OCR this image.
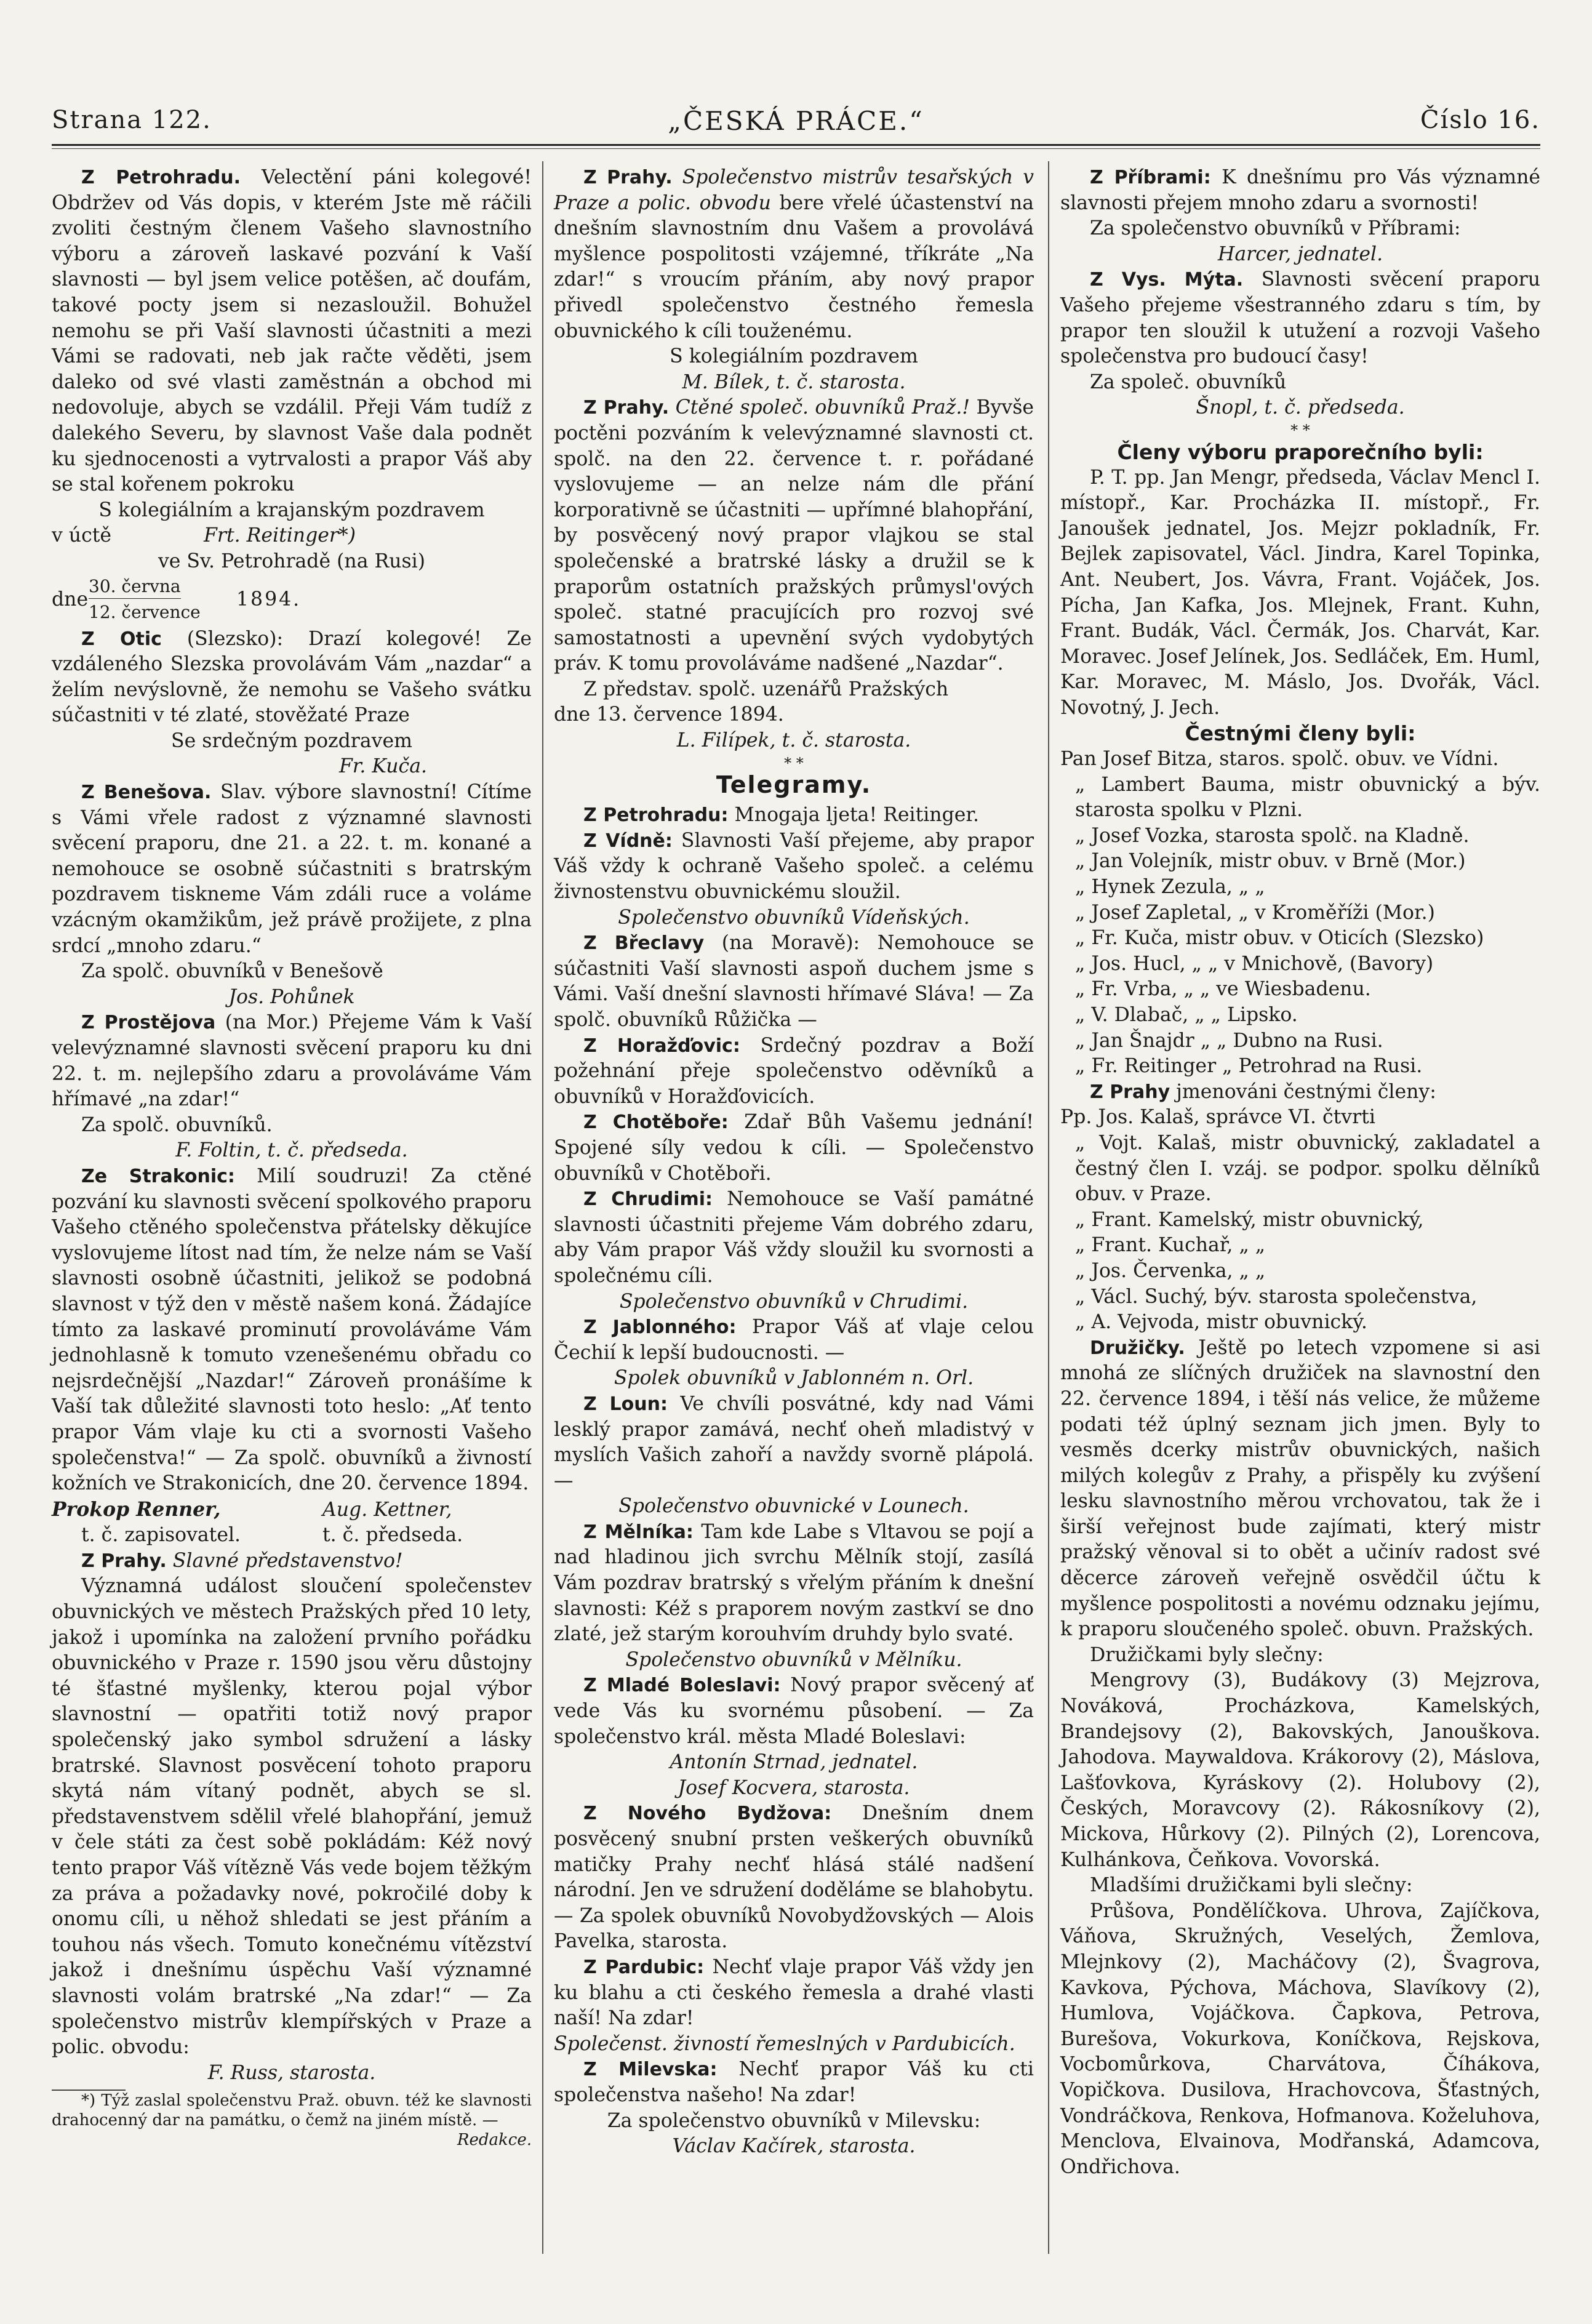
Strana 122.	„ČESKÁ PRÁCE.“	Číslo 16.

Z Petrohradu. Velectění páni kolegové! Obdržev od Vás dopis, v kterém Jste mě ráčili zvoliti čestným členem Vašeho slavnostního výboru a zároveň laskavé pozvání k Vaší slavnosti — byl jsem velice potěšen, ač doufám, takové pocty jsem si nezasloužil. Bohužel nemohu se při Vaší slavnosti účastniti a mezi Vámi se radovati, neb jak račte věděti, jsem daleko od své vlasti zaměstnán a obchod mi nedovoluje, abych se vzdálil. Přeji Vám tudíž z dalekého Severu, by slavnost Vaše dala podnět ku sjednocenosti a vytrvalosti a prapor Váš aby se stal kořenem pokroku

S kolegiálním a krajanským pozdravem

v úctě	Frt. Reitinger*)

ve Sv. Petrohradě (na Rusi)

dne
30. června
12. července
1894.

Z Otic (Slezsko): Drazí kolegové! Ze vzdáleného Slezska provolávám Vám „nazdar“ a želím nevýslovně, že nemohu se Vašeho svátku súčastniti v té zlaté, stověžaté Praze

Se srdečným pozdravem

Fr. Kuča.

Z Benešova. Slav. výbore slavnostní! Cítíme s Vámi vřele radost z významné slavnosti svěcení praporu, dne 21. a 22. t. m. konané a nemohouce se osobně súčastniti s bratrským pozdravem tiskneme Vám zdáli ruce a voláme vzácným okamžikům, jež právě prožijete, z plna srdcí „mnoho zdaru.“

Za spolč. obuvníků v Benešově

Jos. Pohůnek

Z Prostějova (na Mor.) Přejeme Vám k Vaší velevýznamné slavnosti svěcení praporu ku dni 22. t. m. nejlepšího zdaru a provoláváme Vám hřímavé „na zdar!“

Za spolč. obuvníků.

F. Foltin, t. č. předseda.

Ze Strakonic: Milí soudruzi! Za ctěné pozvání ku slavnosti svěcení spolkového praporu Vašeho ctěného společenstva přátelsky děkujíce vyslovujeme lítost nad tím, že nelze nám se Vaší slavnosti osobně účastniti, jelikož se podobná slavnost v týž den v městě našem koná. Žádajíce tímto za laskavé prominutí provoláváme Vám jednohlasně k tomuto vzenešenému obřadu co nejsrdečnější „Nazdar!“ Zároveň pronášíme k Vaší tak důležité slavnosti toto heslo: „Ať tento prapor Vám vlaje ku cti a svornosti Vašeho společenstva!“ — Za spolč. obuvníků a živností kožních ve Strakonicích, dne 20. července 1894.

Prokop Renner,	Aug. Kettner,

t. č. zapisovatel.	t. č. předseda.

Z Prahy. Slavné představenstvo!

Významná událost sloučení společenstev obuvnických ve městech Pražských před 10 lety, jakož i upomínka na založení prvního pořádku obuvnického v Praze r. 1590 jsou věru důstojny té šťastné myšlenky, kterou pojal výbor slavnostní — opatřiti totiž nový prapor společenský jako symbol sdružení a lásky bratrské. Slavnost posvěcení tohoto praporu skytá nám vítaný podnět, abych se sl. představenstvem sdělil vřelé blahopřání, jemuž v čele státi za čest sobě pokládám: Kéž nový tento prapor Váš vítězně Vás vede bojem těžkým za práva a požadavky nové, pokročilé doby k onomu cíli, u něhož shledati se jest přáním a touhou nás všech. Tomuto konečnému vítězství jakož i dnešnímu úspěchu Vaší významné slavnosti volám bratrské „Na zdar!“ — Za společenstvo mistrův klempířských v Praze a polic. obvodu:

F. Russ, starosta.

*) Týž zaslal společenstvu Praž. obuvn. též ke slavnosti drahocenný dar na památku, o čemž na jiném místě. —
Redakce.

Z Prahy. Společenstvo mistrův tesařských v Praze a polic. obvodu bere vřelé účastenství na dnešním slavnostním dnu Vašem a provolává myšlence pospolitosti vzájemné, tříkráte „Na zdar!“ s vroucím přáním, aby nový prapor přivedl společenstvo čestného řemesla obuvnického k cíli touženému.

S kolegiálním pozdravem

M. Bílek, t. č. starosta.

Z Prahy. Ctěné společ. obuvníků Praž.! Byvše poctěni pozváním k velevýznamné slavnosti ct. spolč. na den 22. července t. r. pořádané vyslovujeme — an nelze nám dle přání korporativně se účastniti — upřímné blahopřání, by posvěcený nový prapor vlajkou se stal společenské a bratrské lásky a družil se k praporům ostatních pražských průmysl'ových společ. statné pracujících pro rozvoj své samostatnosti a upevnění svých vydobytých práv. K tomu provoláváme nadšené „Nazdar“.

Z představ. spolč. uzenářů Pražských

dne 13. července 1894.

L. Filípek, t. č. starosta.

* *

Telegramy.

Z Petrohradu: Mnogaja ljeta! Reitinger.

Z Vídně: Slavnosti Vaší přejeme, aby prapor Váš vždy k ochraně Vašeho společ. a celému živnostenstvu obuvnickému sloužil.

Společenstvo obuvníků Vídeňských.

Z Břeclavy (na Moravě): Nemohouce se súčastniti Vaší slavnosti aspoň duchem jsme s Vámi. Vaší dnešní slavnosti hřímavé Sláva! — Za spolč. obuvníků Růžička —

Z Horažďovic: Srdečný pozdrav a Boží požehnání přeje společenstvo oděvníků a obuvníků v Horažďovicích.

Z Chotěboře: Zdař Bůh Vašemu jednání! Spojené síly vedou k cíli. — Společenstvo obuvníků v Chotěboři.

Z Chrudimi: Nemohouce se Vaší památné slavnosti účastniti přejeme Vám dobrého zdaru, aby Vám prapor Váš vždy sloužil ku svornosti a společnému cíli.

Společenstvo obuvníků v Chrudimi.

Z Jablonného: Prapor Váš ať vlaje celou Čechií k lepší budoucnosti. —

Spolek obuvníků v Jablonném n. Orl.

Z Loun: Ve chvíli posvátné, kdy nad Vámi lesklý prapor zamává, nechť oheň mladistvý v myslích Vašich zahoří a navždy svorně plápolá. —

Společenstvo obuvnické v Lounech.

Z Mělníka: Tam kde Labe s Vltavou se pojí a nad hladinou jich svrchu Mělník stojí, zasílá Vám pozdrav bratrský s vřelým přáním k dnešní slavnosti: Kéž s praporem novým zastkví se dno zlaté, jež starým korouhvím druhdy bylo svaté.

Společenstvo obuvníků v Mělníku.

Z Mladé Boleslavi: Nový prapor svěcený ať vede Vás ku svornému působení. — Za společenstvo král. města Mladé Boleslavi:

Antonín Strnad, jednatel.

Josef Kocvera, starosta.

Z Nového Bydžova: Dnešním dnem posvěcený snubní prsten veškerých obuvníků matičky Prahy nechť hlásá stálé nadšení národní. Jen ve sdružení doděláme se blahobytu. — Za spolek obuvníků Novobydžovských — Alois Pavelka, starosta.

Z Pardubic: Nechť vlaje prapor Váš vždy jen ku blahu a cti českého řemesla a drahé vlasti naší! Na zdar!

Společenst. živností řemeslných v Pardubicích.

Z Milevska: Nechť prapor Váš ku cti společenstva našeho! Na zdar!

Za společenstvo obuvníků v Milevsku:

Václav Kačírek, starosta.

Z Příbrami: K dnešnímu pro Vás významné slavnosti přejem mnoho zdaru a svornosti!

Za společenstvo obuvníků v Příbrami:

Harcer, jednatel.

Z Vys. Mýta. Slavnosti svěcení praporu Vašeho přejeme všestranného zdaru s tím, by prapor ten sloužil k utužení a rozvoji Vašeho společenstva pro budoucí časy!

Za společ. obuvníků

Šnopl, t. č. předseda.

* *

Členy výboru praporečního byli:

P. T. pp. Jan Mengr, předseda, Václav Mencl I. místopř., Kar. Procházka II. místopř., Fr. Janoušek jednatel, Jos. Mejzr pokladník, Fr. Bejlek zapisovatel, Václ. Jindra, Karel Topinka, Ant. Neubert, Jos. Vávra, Frant. Vojáček, Jos. Pícha, Jan Kafka, Jos. Mlejnek, Frant. Kuhn, Frant. Budák, Václ. Čermák, Jos. Charvát, Kar. Moravec. Josef Jelínek, Jos. Sedláček, Em. Huml, Kar. Moravec, M. Máslo, Jos. Dvořák, Václ. Novotný, J. Jech.

Čestnými členy byli:

Pan Josef Bitza, staros. spolč. obuv. ve Vídni.

„ Lambert Bauma, mistr obuvnický a býv. starosta spolku v Plzni.

„ Josef Vozka, starosta spolč. na Kladně.

„ Jan Volejník, mistr obuv. v Brně (Mor.)

„ Hynek Zezula, „ „

„ Josef Zapletal, „ v Kroměříži (Mor.)

„ Fr. Kuča, mistr obuv. v Oticích (Slezsko)

„ Jos. Hucl, „ „ v Mnichově, (Bavory)

„ Fr. Vrba, „ „ ve Wiesbadenu.

„ V. Dlabač, „ „ Lipsko.

„ Jan Šnajdr „ „ Dubno na Rusi.

„ Fr. Reitinger „ Petrohrad na Rusi.

Z Prahy jmenováni čestnými členy:

Pp. Jos. Kalaš, správce VI. čtvrti

„ Vojt. Kalaš, mistr obuvnický, zakladatel a čestný člen I. vzáj. se podpor. spolku dělníků obuv. v Praze.

„ Frant. Kamelský, mistr obuvnický,

„ Frant. Kuchař, „ „

„ Jos. Červenka, „ „

„ Václ. Suchý, býv. starosta společenstva,

„ A. Vejvoda, mistr obuvnický.

Družičky. Ještě po letech vzpomene si asi mnohá ze slíčných družiček na slavnostní den 22. července 1894, i těší nás velice, že můžeme podati též úplný seznam jich jmen. Byly to vesměs dcerky mistrův obuvnických, našich milých kolegův z Prahy, a přispěly ku zvýšení lesku slavnostního měrou vrchovatou, tak že i širší veřejnost bude zajímati, který mistr pražský věnoval si to obět a učinív radost své děcerce zároveň veřejně osvědčil účtu k myšlence pospolitosti a novému odznaku jejímu, k praporu sloučeného společ. obuvn. Pražských.

Družičkami byly slečny:

Mengrovy (3), Budákovy (3) Mejzrova, Nováková, Procházkova, Kamelských, Brandejsovy (2), Bakovských, Janouškova. Jahodova. Maywaldova. Krákorovy (2), Máslova, Lašťovkova, Kyráskovy (2). Holubovy (2), Českých, Moravcovy (2). Rákosníkovy (2), Mickova, Hůrkovy (2). Pilných (2), Lorencova, Kulhánkova, Čeňkova. Vovorská.

Mladšími družičkami byli slečny:

Průšova, Pondělíčkova. Uhrova, Zajíčkova, Váňova, Skružných, Veselých, Žemlova, Mlejnkovy (2), Macháčovy (2), Švagrova, Kavkova, Pýchova, Máchova, Slavíkovy (2), Humlova, Vojáčkova. Čapkova, Petrova, Burešova, Vokurkova, Koníčkova, Rejskova, Vocbomůrkova, Charvátova, Číhákova, Vopičkova. Dusilova, Hrachovcova, Šťastných, Vondráčkova, Renkova, Hofmanova. Koželuhova, Menclova, Elvainova, Modřanská, Adamcova, Ondřichova.
